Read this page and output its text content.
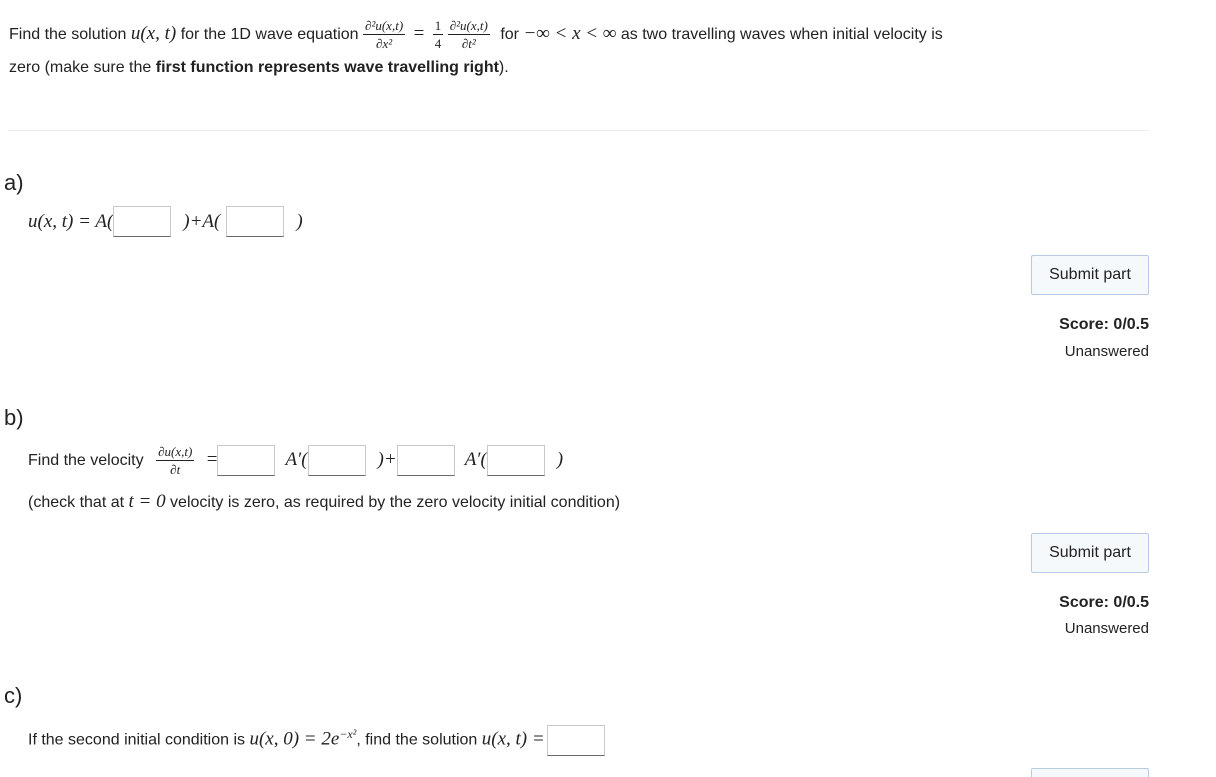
Find the solution u(x, t) for the 1D wave equation $\frac{\text{∂²u(x,t)}}{\text{∂x²}} = \frac{1}{4}$
$\frac{\text{∂²u(x,t)}}{\text{∂t²}}$ for −∞ < x < ∞ as two travelling waves when initial velocity is
zero (make sure the first function represents wave travelling right).
a)
u(x, t) = A(	)+A(	)
Submit part
Score: 0/0.5
Unanswered
b)
Find the velocity $\frac{\partial u(x,t)}{\partial t}$ =	A′(	)+	A′(	)
(check that at t = 0 velocity is zero, as required by the zero velocity initial condition)
Submit part
Score: 0/0.5
Unanswered
c)
If the second initial condition is u(x, $0) = 2e^{-x^2}$, find the solution u(x, t) =
